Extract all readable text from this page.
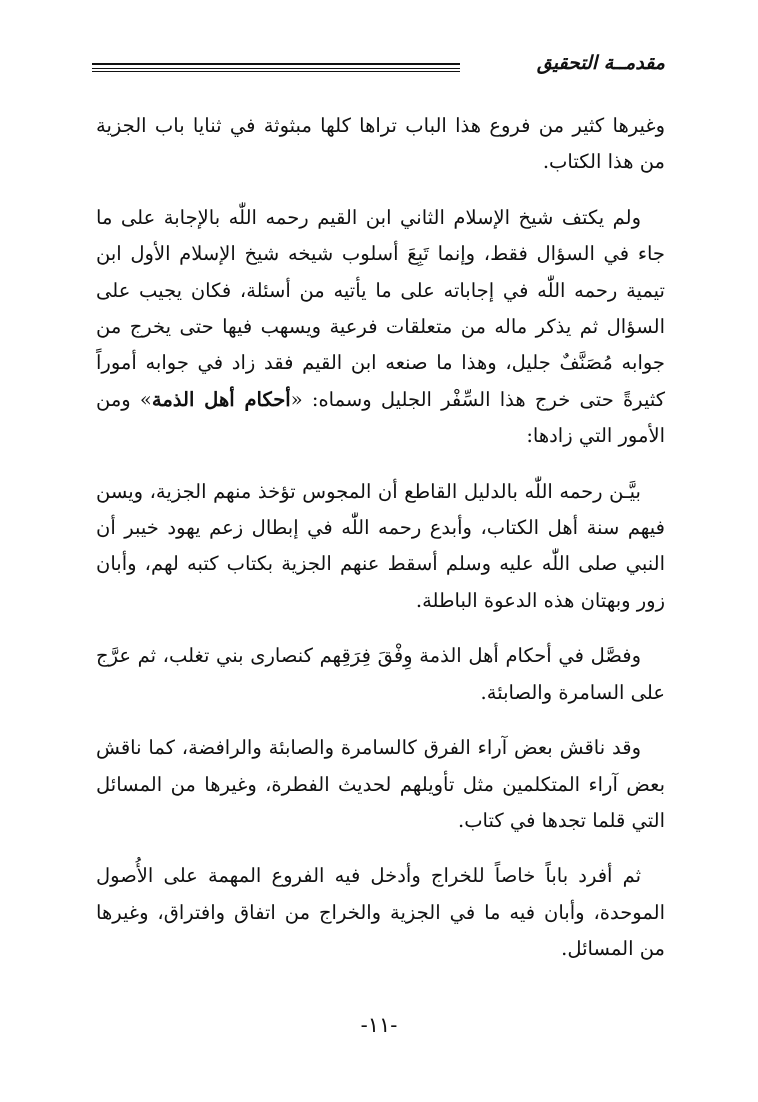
مقدمــة التحقيق

وغيرها كثير من فروع هذا الباب تراها كلها مبثوثة في ثنايا باب الجزية من هذا الكتاب.

ولم يكتف شيخ الإسلام الثاني ابن القيم رحمه اللّٰه بالإجابة على ما جاء في السؤال فقط، وإنما تَبِعَ أسلوب شيخه شيخ الإسلام الأول ابن تيمية رحمه اللّٰه في إجاباته على ما يأتيه من أسئلة، فكان يجيب على السؤال ثم يذكر ماله من متعلقات فرعية ويسهب فيها حتى يخرج من جوابه مُصَنَّفٌ جليل، وهذا ما صنعه ابن القيم فقد زاد في جوابه أموراً كثيرةً حتى خرج هذا السِّفْر الجليل وسماه: «أحكام أهل الذمة» ومن الأمور التي زادها:

بيَّـن رحمه اللّٰه بالدليل القاطع أن المجوس تؤخذ منهم الجزية، ويسن فيهم سنة أهل الكتاب، وأبدع رحمه اللّٰه في إبطال زعم يهود خيبر أن النبي صلى اللّٰه عليه وسلم أسقط عنهم الجزية بكتاب كتبه لهم، وأبان زور وبهتان هذه الدعوة الباطلة.

وفصَّل في أحكام أهل الذمة وِفْقَ فِرَقِهم كنصارى بني تغلب، ثم عرَّج على السامرة والصابئة.

وقد ناقش بعض آراء الفرق كالسامرة والصابئة والرافضة، كما ناقش بعض آراء المتكلمين مثل تأويلهم لحديث الفطرة، وغيرها من المسائل التي قلما تجدها في كتاب.

ثم أفرد باباً خاصاً للخراج وأدخل فيه الفروع المهمة على الأُصول الموحدة، وأبان فيه ما في الجزية والخراج من اتفاق وافتراق، وغيرها من المسائل.

-١١-
